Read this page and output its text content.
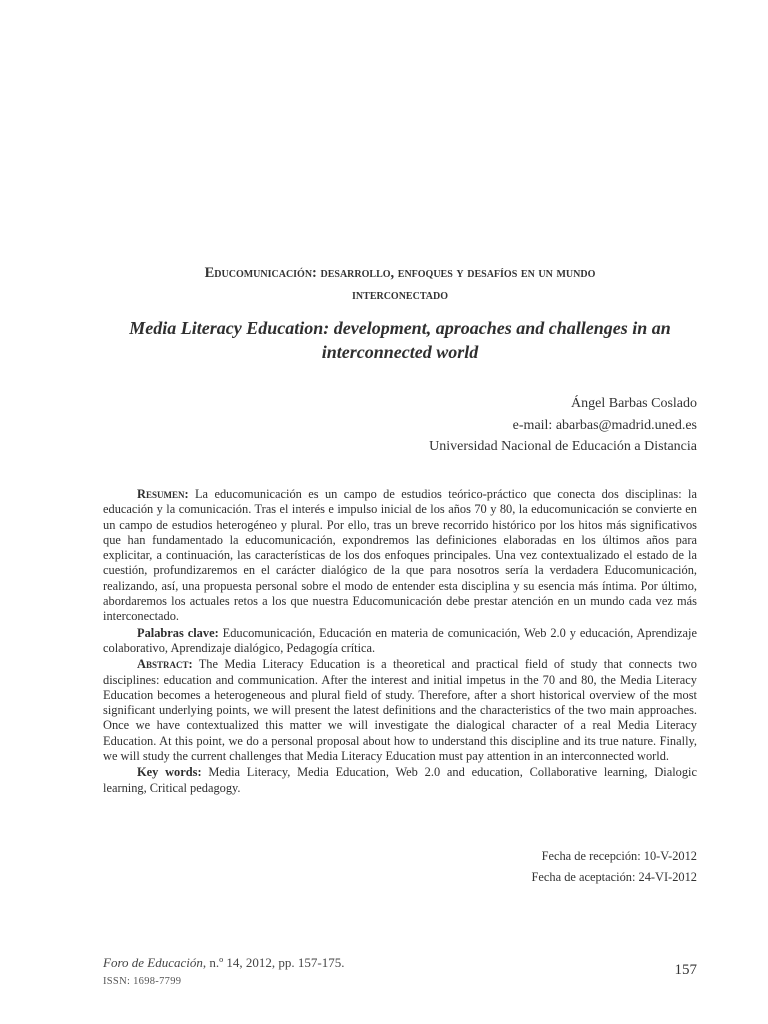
Educomunicación: desarrollo, enfoques y desafíos en un mundo
interconectado
Media Literacy Education: development, aproaches and challenges in an
interconnected world
Ángel Barbas Coslado
e-mail: abarbas@madrid.uned.es
Universidad Nacional de Educación a Distancia

Resumen: La educomunicación es un campo de estudios teórico-práctico que conecta dos disciplinas: la educación y la comunicación. Tras el interés e impulso inicial de los años 70 y 80, la educomunicación se convierte en un campo de estudios heterogéneo y plural. Por ello, tras un breve recorrido histórico por los hitos más significativos que han fundamentado la educomunicación, expondremos las definiciones elaboradas en los últimos años para explicitar, a continuación, las características de los dos enfoques principales. Una vez contextualizado el estado de la cuestión, profundizaremos en el carácter dialógico de la que para nosotros sería la verdadera Educomunicación, realizando, así, una propuesta personal sobre el modo de entender esta disciplina y su esencia más íntima. Por último, abordaremos los actuales retos a los que nuestra Educomunicación debe prestar atención en un mundo cada vez más interconectado.

Palabras clave: Educomunicación, Educación en materia de comunicación, Web 2.0 y educación, Aprendizaje colaborativo, Aprendizaje dialógico, Pedagogía crítica.

Abstract: The Media Literacy Education is a theoretical and practical field of study that connects two disciplines: education and communication. After the interest and initial impetus in the 70 and 80, the Media Literacy Education becomes a heterogeneous and plural field of study. Therefore, after a short historical overview of the most significant underlying points, we will present the latest definitions and the characteristics of the two main approaches. Once we have contextualized this matter we will investigate the dialogical character of a real Media Literacy Education. At this point, we do a personal proposal about how to understand this discipline and its true nature. Finally, we will study the current challenges that Media Literacy Education must pay attention in an interconnected world.

Key words: Media Literacy, Media Education, Web 2.0 and education, Collaborative learning, Dialogic learning, Critical pedagogy.

Fecha de recepción: 10-V-2012
Fecha de aceptación: 24-VI-2012
Foro de Educación, n.º 14, 2012, pp. 157-175.
ISSN: 1698-7799
157
